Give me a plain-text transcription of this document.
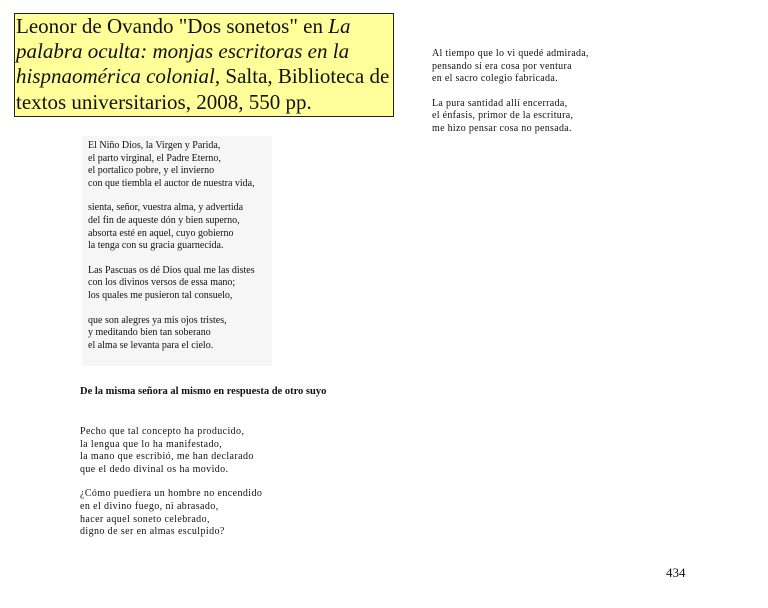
Leonor de Ovando "Dos sonetos" en La palabra oculta: monjas escritoras en la hispnaomérica colonial, Salta, Biblioteca de textos universitarios, 2008, 550 pp.
El Niño Dios, la Virgen y Parida,
el parto virginal, el Padre Eterno,
el portalico pobre, y el invierno
con que tiembla el auctor de nuestra vida,
sienta, señor, vuestra alma, y advertida
del fin de aqueste dón y bien superno,
absorta esté en aquel, cuyo gobierno
la tenga con su gracia guarnecida.
Las Pascuas os dé Dios qual me las distes
con los divinos versos de essa mano;
los quales me pusieron tal consuelo,
que son alegres ya mis ojos tristes,
y meditando bien tan soberano
el alma se levanta para el cielo.
Al tiempo que lo vi quedé admirada,
pensando si era cosa por ventura
en el sacro colegio fabricada.
La pura santidad allí encerrada,
el énfasis, primor de la escritura,
me hizo pensar cosa no pensada.
De la misma señora al mismo en respuesta de otro suyo
Pecho que tal concepto ha producido,
la lengua que lo ha manifestado,
la mano que escribió, me han declarado
que el dedo divinal os ha movido.
¿Cómo puediera un hombre no encendido
en el divino fuego, ni abrasado,
hacer aquel soneto celebrado,
digno de ser en almas esculpido?
434
